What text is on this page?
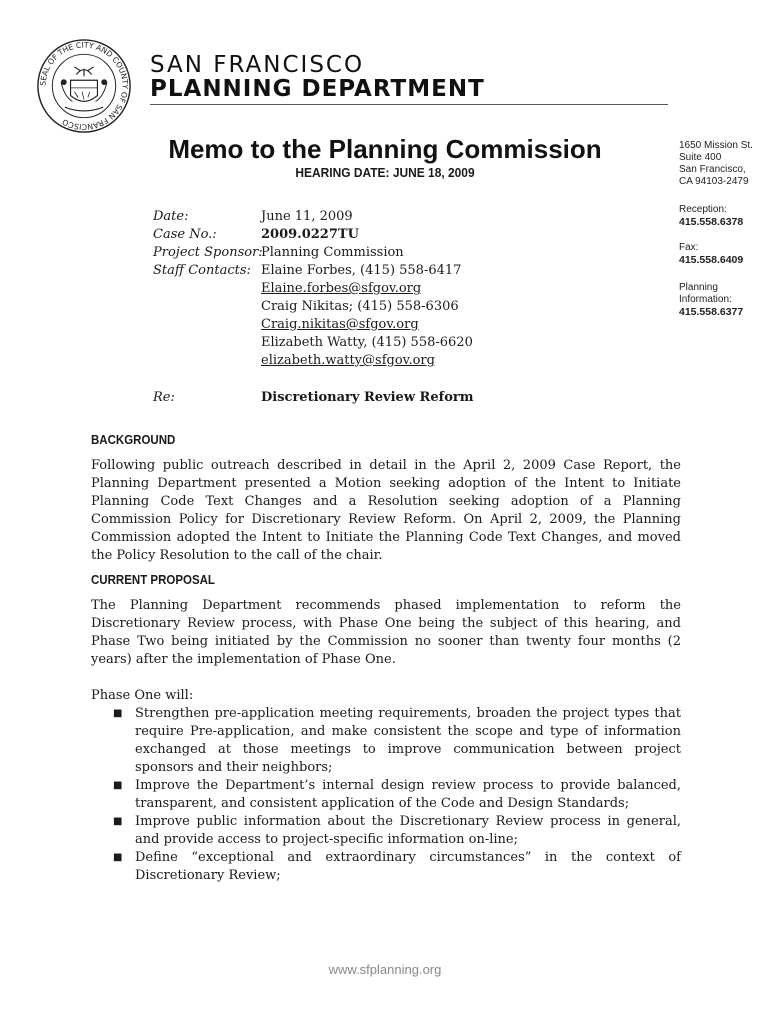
SEAL OF THE CITY AND COUNTY OF SAN FRANCISCO
SAN FRANCISCO
PLANNING DEPARTMENT
Memo to the Planning Commission
HEARING DATE: JUNE 18, 2009
1650 Mission St.
Suite 400
San Francisco,
CA 94103-2479
Reception:
415.558.6378
Fax:
415.558.6409
Planning
Information:
415.558.6377
Date:	June 11, 2009
Case No.:	2009.0227TU
Project Sponsor:
Planning Commission
Staff Contacts: Elaine Forbes, (415) 558-6417
Elaine.forbes@sfgov.org
Craig Nikitas; (415) 558-6306
Craig.nikitas@sfgov.org
Elizabeth Watty, (415) 558-6620
elizabeth.watty@sfgov.org
Re:	Discretionary Review Reform
BACKGROUND
Following public outreach described in detail in the April 2, 2009 Case Report, the Planning Department presented a Motion seeking adoption of the Intent to Initiate Planning Code Text Changes and a Resolution seeking adoption of a Planning Commission Policy for Discretionary Review Reform. On April 2, 2009, the Planning Commission adopted the Intent to Initiate the Planning Code Text Changes, and moved the Policy Resolution to the call of the chair.
CURRENT PROPOSAL
The Planning Department recommends phased implementation to reform the Discretionary Review process, with Phase One being the subject of this hearing, and Phase Two being initiated by the Commission no sooner than twenty four months (2 years) after the implementation of Phase One.
Phase One will:
■ Strengthen pre-application meeting requirements, broaden the project types that require Pre-application, and make consistent the scope and type of information exchanged at those meetings to improve communication between project sponsors and their neighbors;
■ Improve the Department’s internal design review process to provide balanced, transparent, and consistent application of the Code and Design Standards;
■ Improve public information about the Discretionary Review process in general, and provide access to project-specific information on-line;
■ Define “exceptional and extraordinary circumstances” in the context of Discretionary Review;
www.sfplanning.org
